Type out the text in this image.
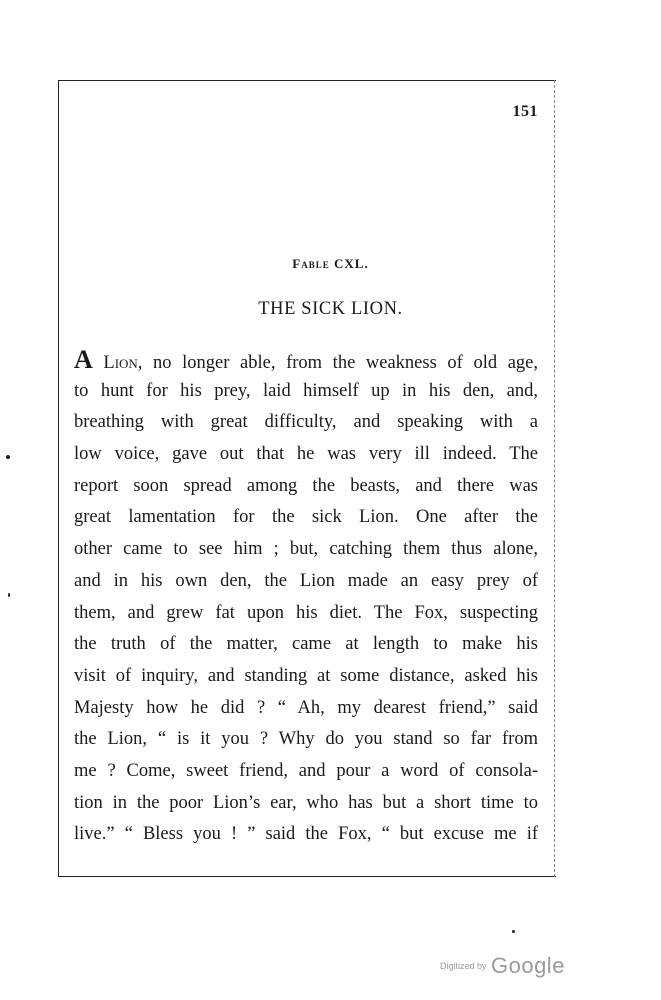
151
Fable CXL.
THE SICK LION.
A Lion, no longer able, from the weakness of old age,
to hunt for his prey, laid himself up in his den, and,
breathing with great difficulty, and speaking with a
low voice, gave out that he was very ill indeed. The
report soon spread among the beasts, and there was
great lamentation for the sick Lion. One after the
other came to see him ; but, catching them thus alone,
and in his own den, the Lion made an easy prey of
them, and grew fat upon his diet. The Fox, suspecting
the truth of the matter, came at length to make his
visit of inquiry, and standing at some distance, asked his
Majesty how he did ? “ Ah, my dearest friend,” said
the Lion, “ is it you ? Why do you stand so far from
me ? Come, sweet friend, and pour a word of consola-
tion in the poor Lion’s ear, who has but a short time to
live.” “ Bless you ! ” said the Fox, “ but excuse me if
Digitized by Google
